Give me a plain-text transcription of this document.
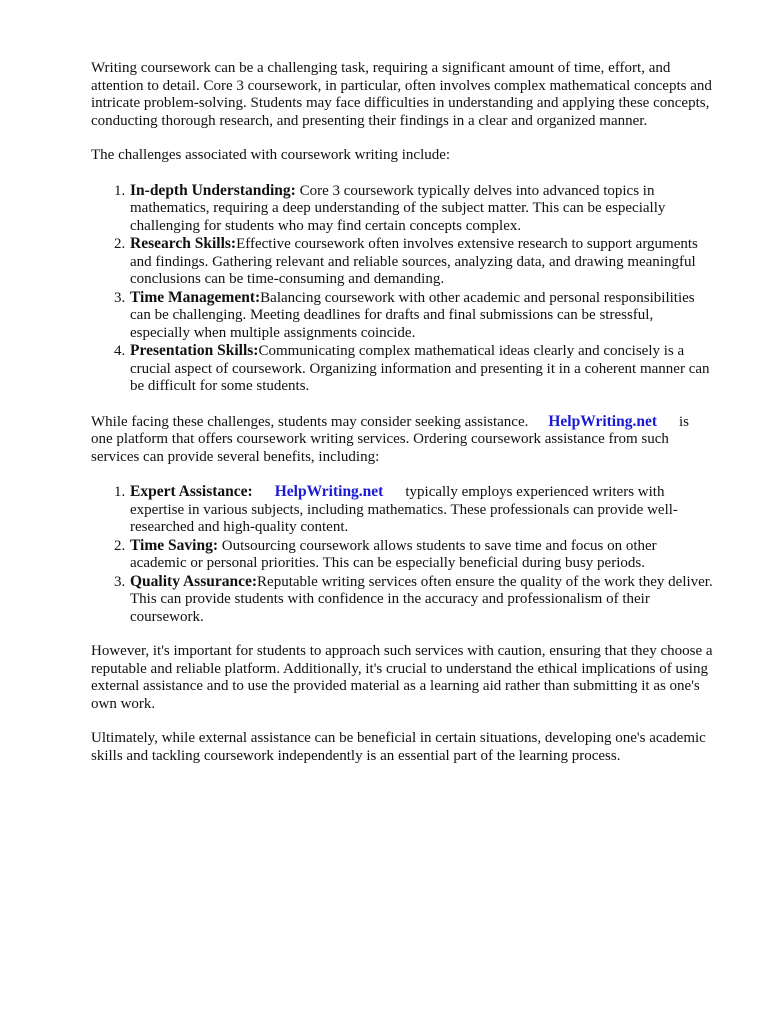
Writing coursework can be a challenging task, requiring a significant amount of time, effort, and attention to detail. Core 3 coursework, in particular, often involves complex mathematical concepts and intricate problem-solving. Students may face difficulties in understanding and applying these concepts, conducting thorough research, and presenting their findings in a clear and organized manner.

The challenges associated with coursework writing include:

1. In-depth Understanding: Core 3 coursework typically delves into advanced topics in mathematics, requiring a deep understanding of the subject matter. This can be especially challenging for students who may find certain concepts complex.
2. Research Skills:Effective coursework often involves extensive research to support arguments and findings. Gathering relevant and reliable sources, analyzing data, and drawing meaningful conclusions can be time-consuming and demanding.
3. Time Management:Balancing coursework with other academic and personal responsibilities can be challenging. Meeting deadlines for drafts and final submissions can be stressful, especially when multiple assignments coincide.
4. Presentation Skills:Communicating complex mathematical ideas clearly and concisely is a crucial aspect of coursework. Organizing information and presenting it in a coherent manner can be difficult for some students.

While facing these challenges, students may consider seeking assistance. HelpWriting.net is one platform that offers coursework writing services. Ordering coursework assistance from such services can provide several benefits, including:

1. Expert Assistance: HelpWriting.net typically employs experienced writers with expertise in various subjects, including mathematics. These professionals can provide well-researched and high-quality content.
2. Time Saving: Outsourcing coursework allows students to save time and focus on other academic or personal priorities. This can be especially beneficial during busy periods.
3. Quality Assurance:Reputable writing services often ensure the quality of the work they deliver. This can provide students with confidence in the accuracy and professionalism of their coursework.

However, it's important for students to approach such services with caution, ensuring that they choose a reputable and reliable platform. Additionally, it's crucial to understand the ethical implications of using external assistance and to use the provided material as a learning aid rather than submitting it as one's own work.

Ultimately, while external assistance can be beneficial in certain situations, developing one's academic skills and tackling coursework independently is an essential part of the learning process.
